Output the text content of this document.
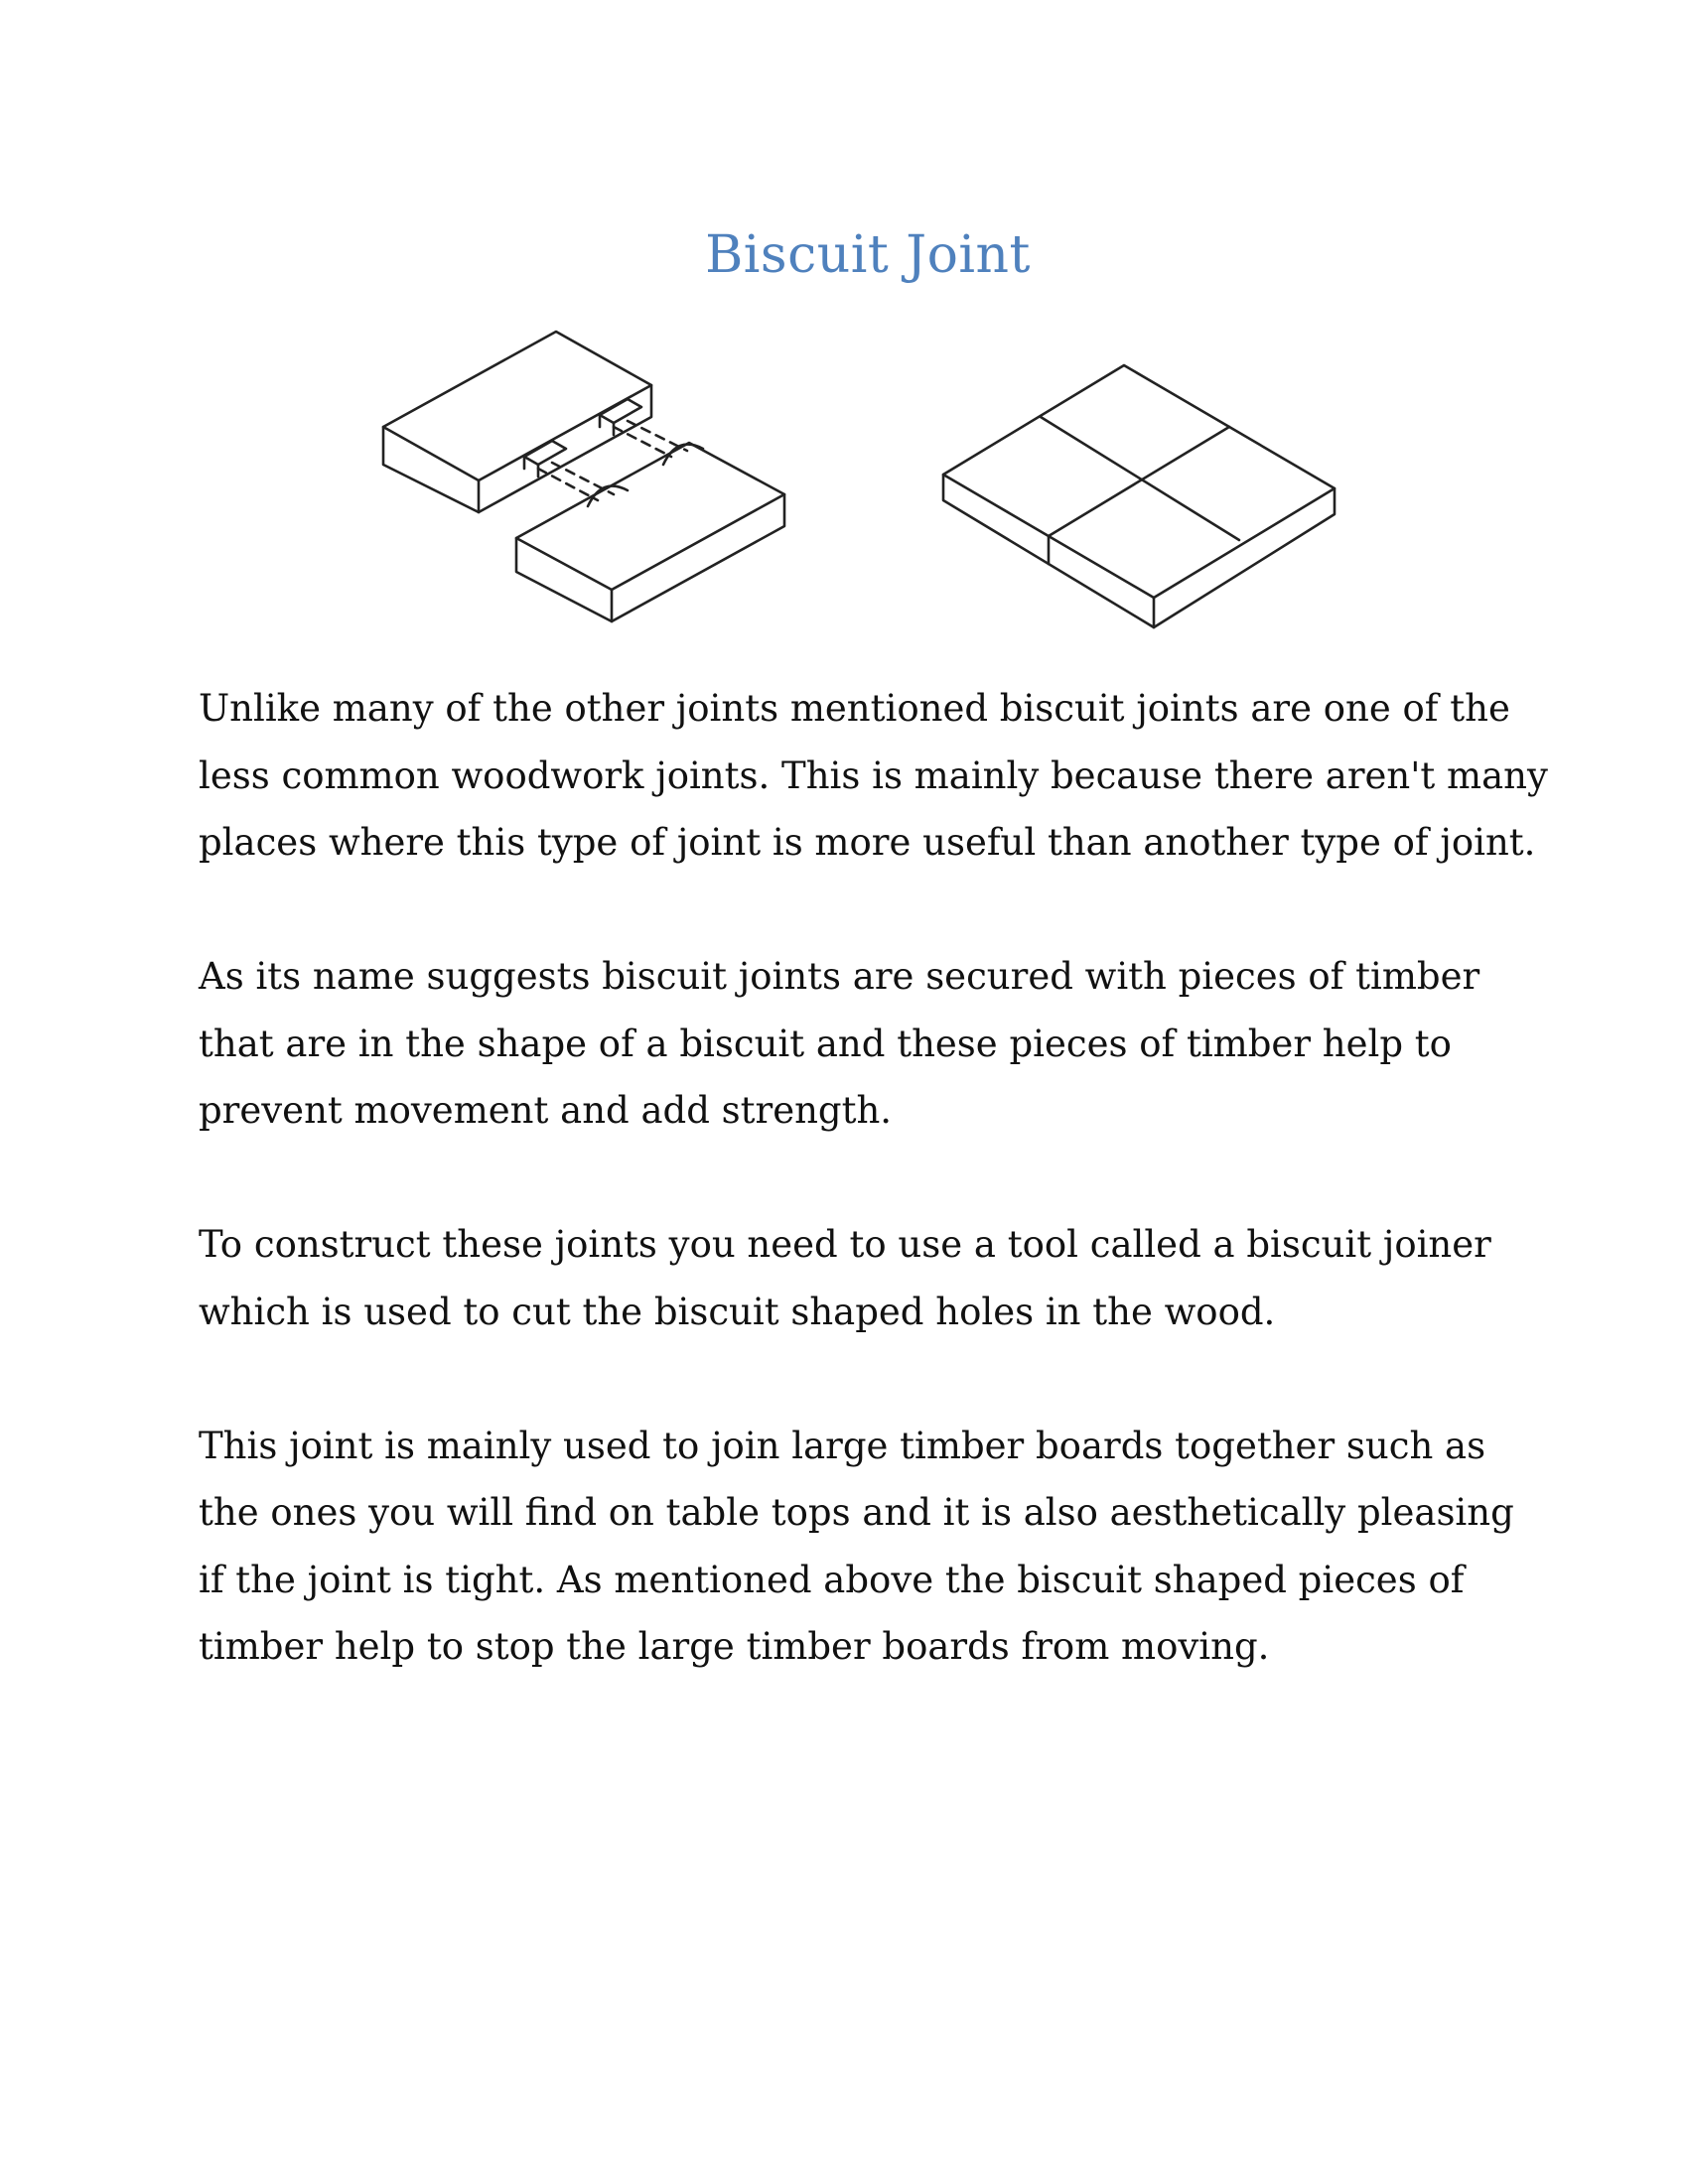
Biscuit Joint

Unlike many of the other joints mentioned biscuit joints are one of the less common woodwork joints. This is mainly because there aren't many places where this type of joint is more useful than another type of joint.

As its name suggests biscuit joints are secured with pieces of timber that are in the shape of a biscuit and these pieces of timber help to prevent movement and add strength.

To construct these joints you need to use a tool called a biscuit joiner which is used to cut the biscuit shaped holes in the wood.

This joint is mainly used to join large timber boards together such as the ones you will find on table tops and it is also aesthetically pleasing if the joint is tight. As mentioned above the biscuit shaped pieces of timber help to stop the large timber boards from moving.
